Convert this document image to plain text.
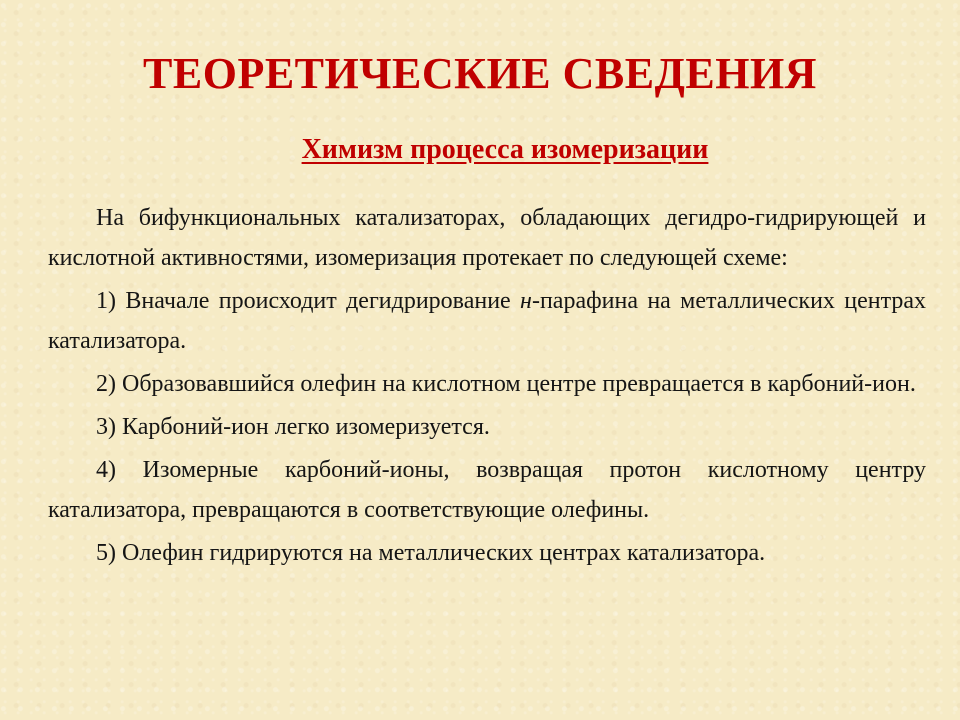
ТЕОРЕТИЧЕСКИЕ СВЕДЕНИЯ
Химизм процесса изомеризации

На бифункциональных катализаторах, обладающих дегидро-гидрирующей и кислотной активностями, изомеризация протекает по следующей схеме:

1) Вначале происходит дегидрирование н-парафина на металлических центрах катализатора.

2) Образовавшийся олефин на кислотном центре превращается в карбоний-ион.

3) Карбоний-ион легко изомеризуется.

4) Изомерные карбоний-ионы, возвращая протон кислотному центру катализатора, превращаются в соответствующие олефины.

5) Олефин гидрируются на металлических центрах катализатора.
